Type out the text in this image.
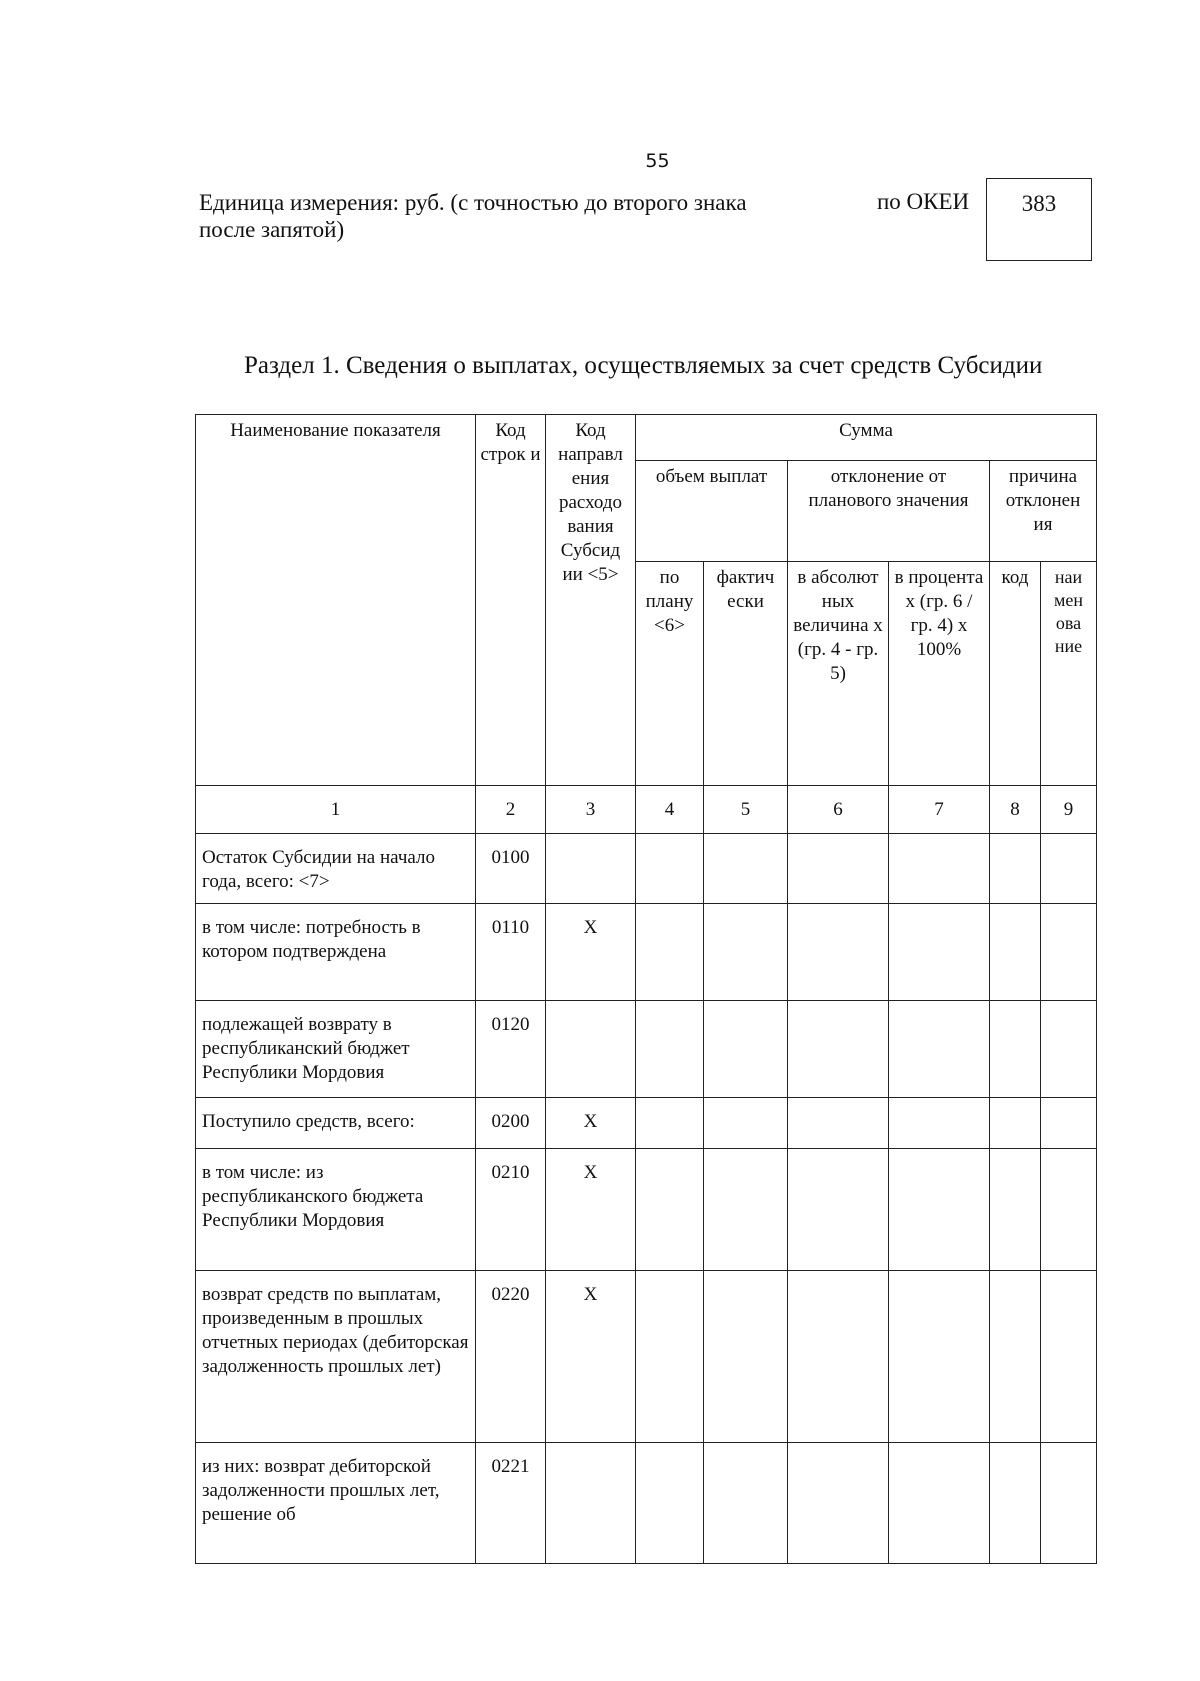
55
Единица измерения: руб. (с точностью до второго знака
после запятой)
по ОКЕИ	383
Раздел 1. Сведения о выплатах, осуществляемых за счет средств Субсидии
Наименование показателя	Код строк и	Код направл ения расходо вания Субсид ии <5>	Сумма					
			объем выплат		отклонение от планового значения		причина отклонен ия	
			по плану <6>	фактич ески	в абсолют ных величина х (гр. 4 - гр. 5)	в процента х (гр. 6 / гр. 4) x 100%	код	наи мен ова ние
1	2	3	4	5	6	7	8	9
Остаток Субсидии на начало года, всего: <7>	0100							
в том числе: потребность в котором подтверждена	0110	X						
подлежащей возврату в республиканский бюджет Республики Мордовия	0120							
Поступило средств, всего:	0200	X						
в том числе: из республиканского бюджета Республики Мордовия	0210	X						
возврат средств по выплатам, произведенным в прошлых отчетных периодах (дебиторская задолженность прошлых лет)	0220	X						
из них: возврат дебиторской задолженности прошлых лет, решение об	0221							
